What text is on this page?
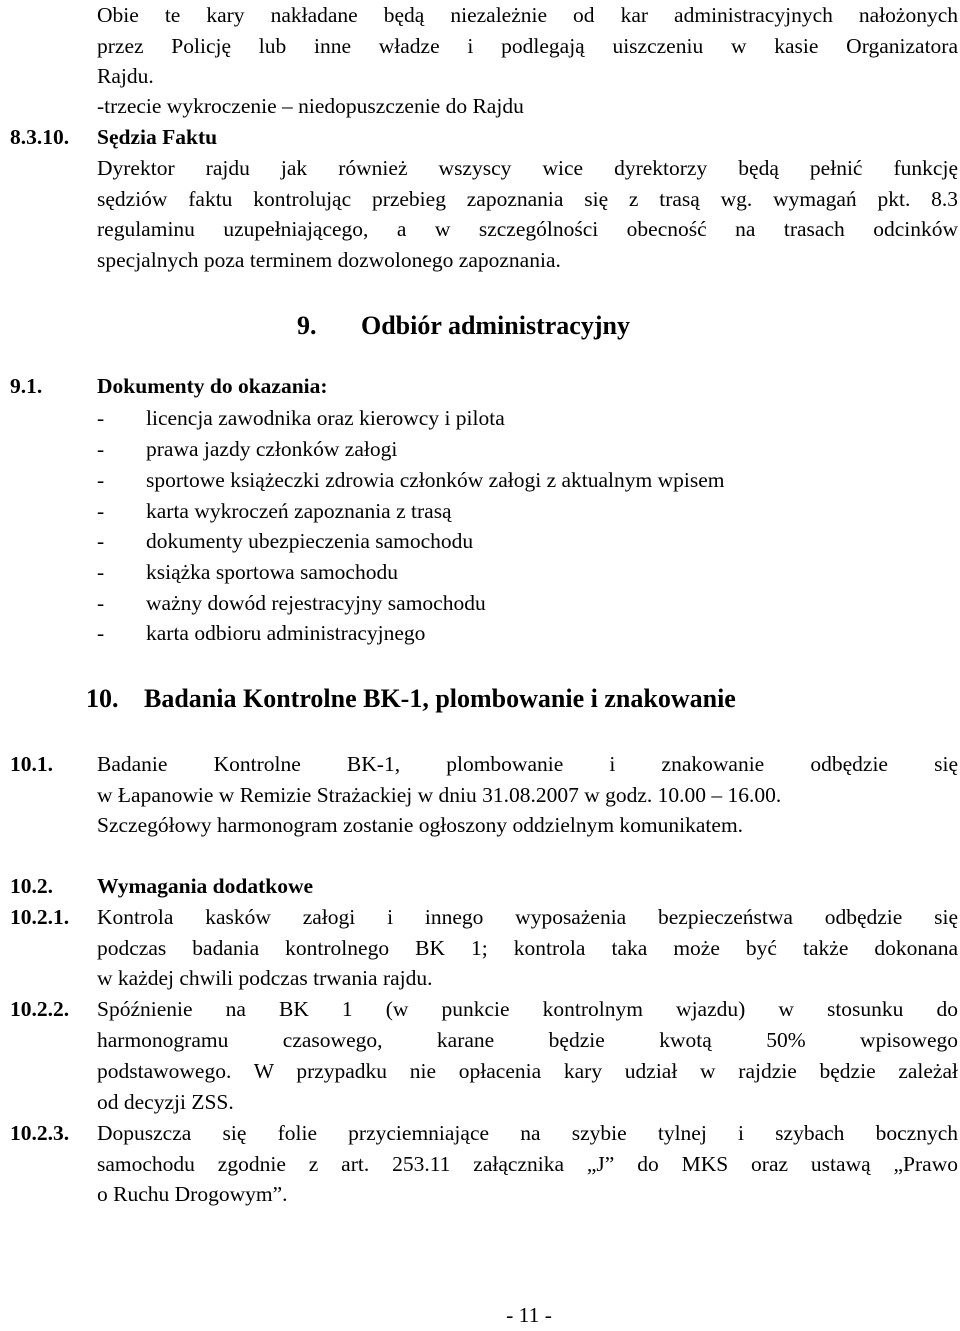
Obie te kary nakładane będą niezależnie od kar administracyjnych nałożonych
przez Policję lub inne władze i podlegają uiszczeniu w kasie Organizatora
Rajdu.
-trzecie wykroczenie – niedopuszczenie do Rajdu
8.3.10. Sędzia Faktu
Dyrektor rajdu jak również wszyscy wice dyrektorzy będą pełnić funkcję
sędziów faktu kontrolując przebieg zapoznania się z trasą wg. wymagań pkt. 8.3
regulaminu uzupełniającego, a w szczególności obecność na trasach odcinków
specjalnych poza terminem dozwolonego zapoznania.
9. Odbiór administracyjny
9.1.	Dokumenty do okazania:
- licencja zawodnika oraz kierowcy i pilota
- prawa jazdy członków załogi
- sportowe książeczki zdrowia członków załogi z aktualnym wpisem
- karta wykroczeń zapoznania z trasą
- dokumenty ubezpieczenia samochodu
- książka sportowa samochodu
- ważny dowód rejestracyjny samochodu
- karta odbioru administracyjnego
10. Badania Kontrolne BK-1, plombowanie i znakowanie
10.1. Badanie Kontrolne BK-1, plombowanie i znakowanie odbędzie się
w Łapanowie w Remizie Strażackiej w dniu 31.08.2007 w godz. 10.00 – 16.00.
Szczegółowy harmonogram zostanie ogłoszony oddzielnym komunikatem.
10.2. Wymagania dodatkowe
10.2.1. Kontrola kasków załogi i innego wyposażenia bezpieczeństwa odbędzie się
podczas badania kontrolnego BK 1; kontrola taka może być także dokonana
w każdej chwili podczas trwania rajdu.
10.2.2. Spóźnienie na BK 1 (w punkcie kontrolnym wjazdu) w stosunku do
harmonogramu czasowego, karane będzie kwotą 50% wpisowego
podstawowego. W przypadku nie opłacenia kary udział w rajdzie będzie zależał
od decyzji ZSS.
10.2.3. Dopuszcza się folie przyciemniające na szybie tylnej i szybach bocznych
samochodu zgodnie z art. 253.11 załącznika „J” do MKS oraz ustawą „Prawo
o Ruchu Drogowym”.
- 11 -
